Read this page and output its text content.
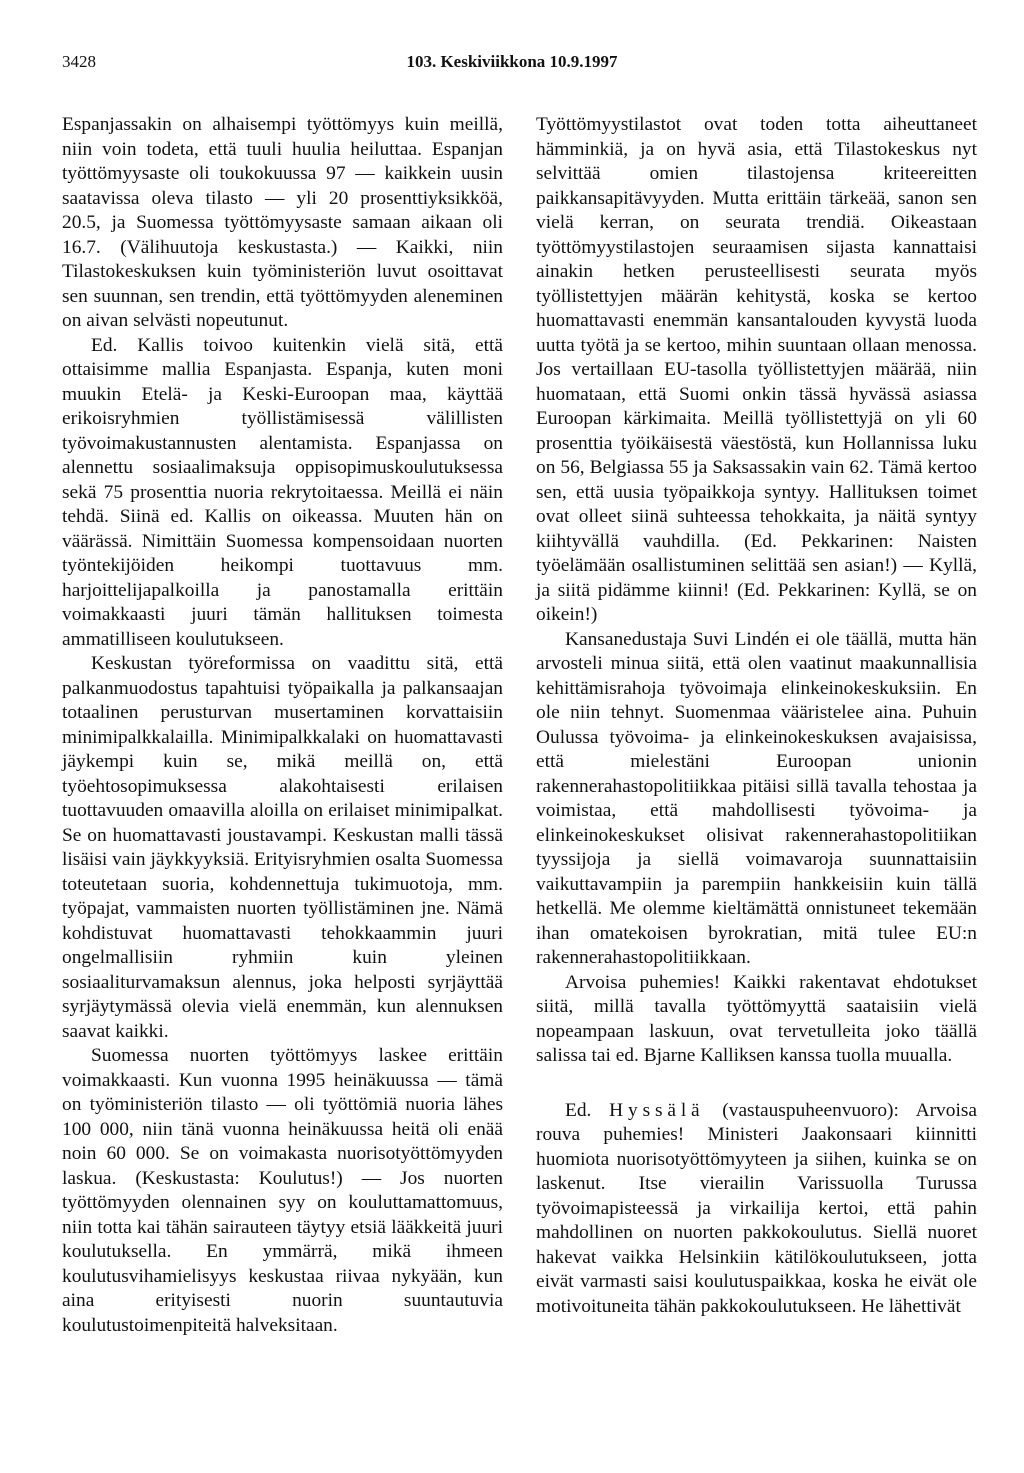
3428	103. Keskiviikkona 10.9.1997

Espanjassakin on alhaisempi työttömyys kuin meillä, niin voin todeta, että tuuli huulia heiluttaa. Espanjan työttömyysaste oli toukokuussa 97 — kaikkein uusin saatavissa oleva tilasto — yli 20 prosenttiyksikköä, 20.5, ja Suomessa työttömyysaste samaan aikaan oli 16.7. (Välihuutoja keskustasta.) — Kaikki, niin Tilastokeskuksen kuin työministeriön luvut osoittavat sen suunnan, sen trendin, että työttömyyden aleneminen on aivan selvästi nopeutunut.

Ed. Kallis toivoo kuitenkin vielä sitä, että ottaisimme mallia Espanjasta. Espanja, kuten moni muukin Etelä- ja Keski-Euroopan maa, käyttää erikoisryhmien työllistämisessä välillisten työvoimakustannusten alentamista. Espanjassa on alennettu sosiaalimaksuja oppisopimuskoulutuksessa sekä 75 prosenttia nuoria rekrytoitaessa. Meillä ei näin tehdä. Siinä ed. Kallis on oikeassa. Muuten hän on väärässä. Nimittäin Suomessa kompensoidaan nuorten työntekijöiden heikompi tuottavuus mm. harjoittelijapalkoilla ja panostamalla erittäin voimakkaasti juuri tämän hallituksen toimesta ammatilliseen koulutukseen.

Keskustan työreformissa on vaadittu sitä, että palkanmuodostus tapahtuisi työpaikalla ja palkansaajan totaalinen perusturvan musertaminen korvattaisiin minimipalkkalailla. Minimipalkkalaki on huomattavasti jäykempi kuin se, mikä meillä on, että työehtosopimuksessa alakohtaisesti erilaisen tuottavuuden omaavilla aloilla on erilaiset minimipalkat. Se on huomattavasti joustavampi. Keskustan malli tässä lisäisi vain jäykkyyksiä. Erityisryhmien osalta Suomessa toteutetaan suoria, kohdennettuja tukimuotoja, mm. työpajat, vammaisten nuorten työllistäminen jne. Nämä kohdistuvat huomattavasti tehokkaammin juuri ongelmallisiin ryhmiin kuin yleinen sosiaaliturvamaksun alennus, joka helposti syrjäyttää syrjäytymässä olevia vielä enemmän, kun alennuksen saavat kaikki.

Suomessa nuorten työttömyys laskee erittäin voimakkaasti. Kun vuonna 1995 heinäkuussa — tämä on työministeriön tilasto — oli työttömiä nuoria lähes 100 000, niin tänä vuonna heinäkuussa heitä oli enää noin 60 000. Se on voimakasta nuorisotyöttömyyden laskua. (Keskustasta: Koulutus!) — Jos nuorten työttömyyden olennainen syy on kouluttamattomuus, niin totta kai tähän sairauteen täytyy etsiä lääkkeitä juuri koulutuksella. En ymmärrä, mikä ihmeen koulutusvihamielisyys keskustaa riivaa nykyään, kun aina erityisesti nuorin suuntautuvia koulutustoimenpiteitä halveksitaan.

Työttömyystilastot ovat toden totta aiheuttaneet hämminkiä, ja on hyvä asia, että Tilastokeskus nyt selvittää omien tilastojensa kriteereitten paikkansapitävyyden. Mutta erittäin tärkeää, sanon sen vielä kerran, on seurata trendiä. Oikeastaan työttömyystilastojen seuraamisen sijasta kannattaisi ainakin hetken perusteellisesti seurata myös työllistettyjen määrän kehitystä, koska se kertoo huomattavasti enemmän kansantalouden kyvystä luoda uutta työtä ja se kertoo, mihin suuntaan ollaan menossa. Jos vertaillaan EU-tasolla työllistettyjen määrää, niin huomataan, että Suomi onkin tässä hyvässä asiassa Euroopan kärkimaita. Meillä työllistettyjä on yli 60 prosenttia työikäisestä väestöstä, kun Hollannissa luku on 56, Belgiassa 55 ja Saksassakin vain 62. Tämä kertoo sen, että uusia työpaikkoja syntyy. Hallituksen toimet ovat olleet siinä suhteessa tehokkaita, ja näitä syntyy kiihtyvällä vauhdilla. (Ed. Pekkarinen: Naisten työelämään osallistuminen selittää sen asian!) — Kyllä, ja siitä pidämme kiinni! (Ed. Pekkarinen: Kyllä, se on oikein!)

Kansanedustaja Suvi Lindén ei ole täällä, mutta hän arvosteli minua siitä, että olen vaatinut maakunnallisia kehittämisrahoja työvoimaja elinkeinokeskuksiin. En ole niin tehnyt. Suomenmaa vääristelee aina. Puhuin Oulussa työvoima- ja elinkeinokeskuksen avajaisissa, että mielestäni Euroopan unionin rakennerahastopolitiikkaa pitäisi sillä tavalla tehostaa ja voimistaa, että mahdollisesti työvoima- ja elinkeinokeskukset olisivat rakennerahastopolitiikan tyyssijoja ja siellä voimavaroja suunnattaisiin vaikuttavampiin ja parempiin hankkeisiin kuin tällä hetkellä. Me olemme kieltämättä onnistuneet tekemään ihan omatekoisen byrokratian, mitä tulee EU:n rakennerahastopolitiikkaan.

Arvoisa puhemies! Kaikki rakentavat ehdotukset siitä, millä tavalla työttömyyttä saataisiin vielä nopeampaan laskuun, ovat tervetulleita joko täällä salissa tai ed. Bjarne Kalliksen kanssa tuolla muualla.

Ed. Hyssälä (vastauspuheenvuoro): Arvoisa rouva puhemies! Ministeri Jaakonsaari kiinnitti huomiota nuorisotyöttömyyteen ja siihen, kuinka se on laskenut. Itse vierailin Varissuolla Turussa työvoimapisteessä ja virkailija kertoi, että pahin mahdollinen on nuorten pakkokoulutus. Siellä nuoret hakevat vaikka Helsinkiin kätilökoulutukseen, jotta eivät varmasti saisi koulutuspaikkaa, koska he eivät ole motivoituneita tähän pakkokoulutukseen. He lähettivät
